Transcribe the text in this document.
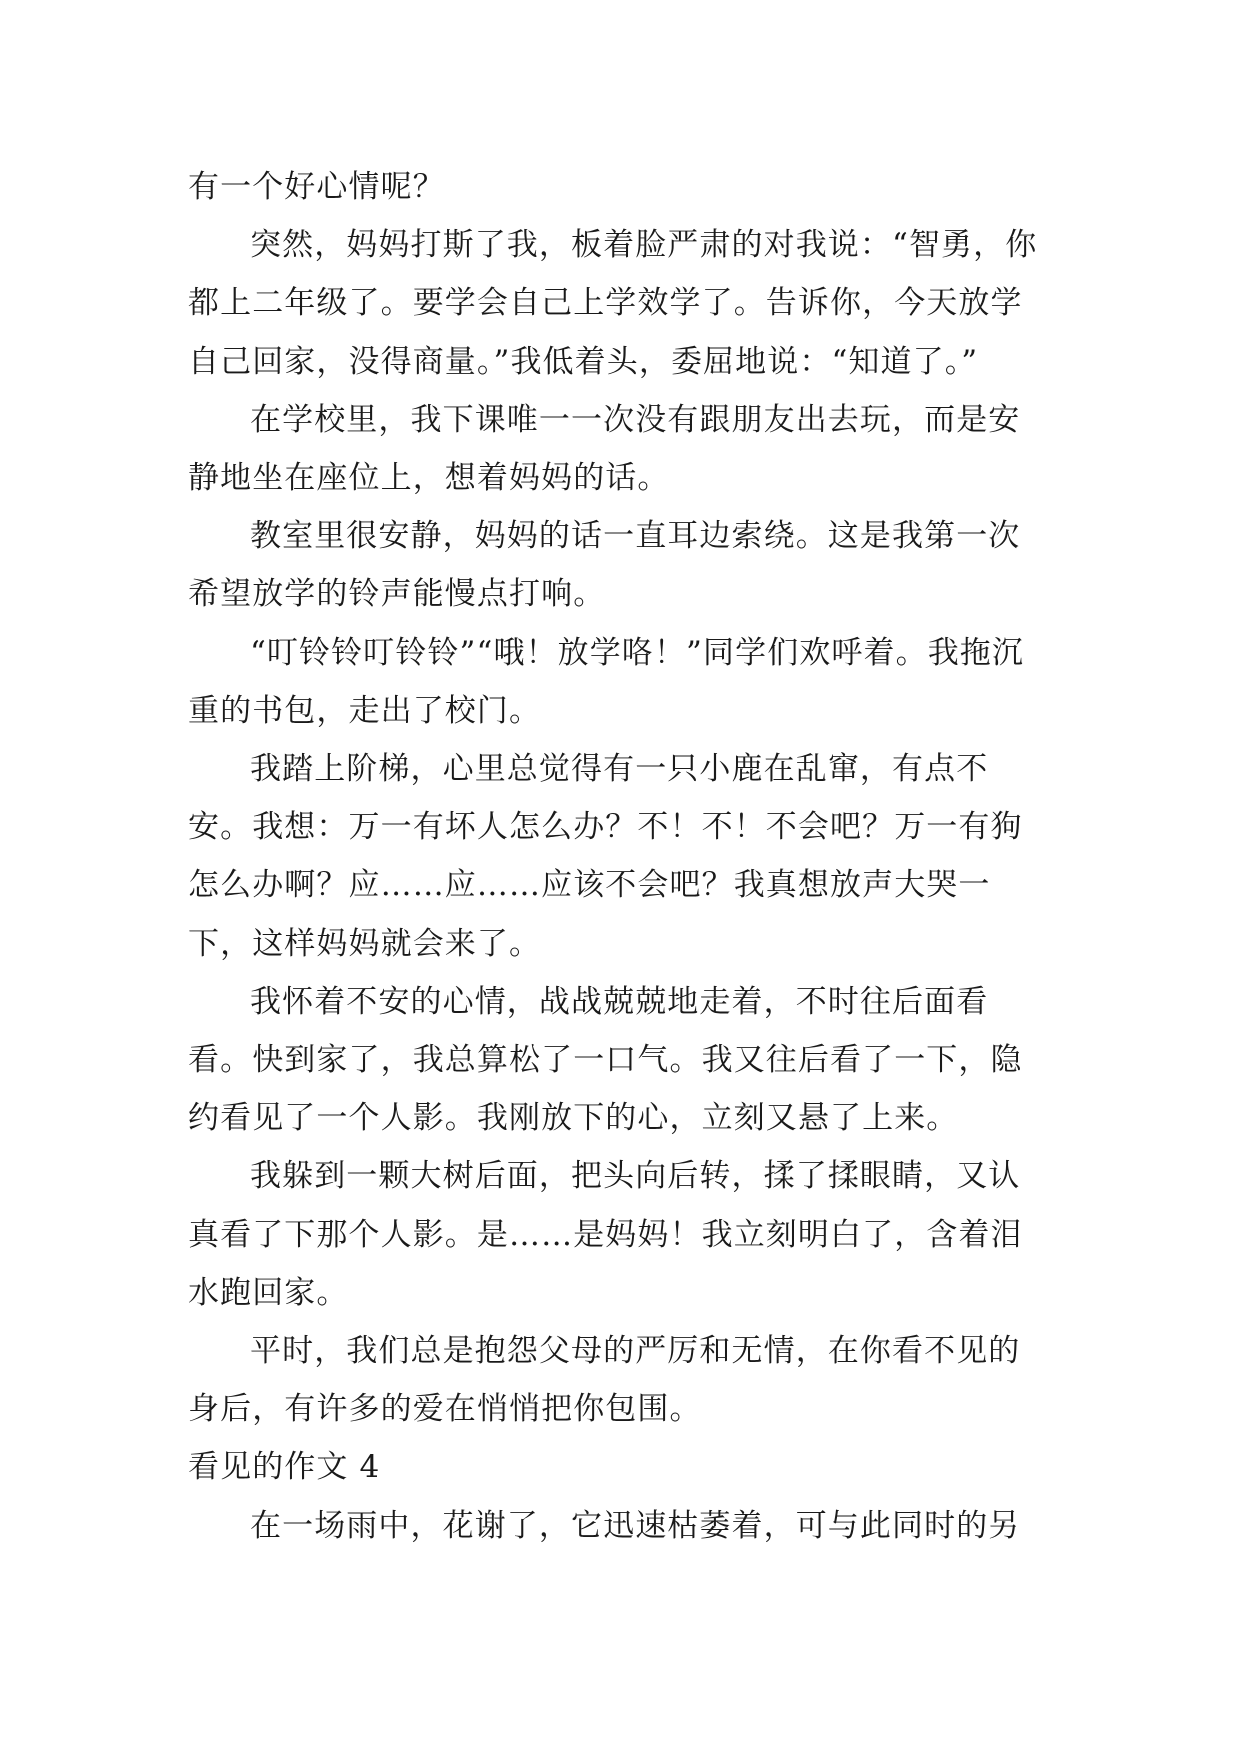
有一个好心情呢？

突然，妈妈打斯了我，板着脸严肃的对我说：“智勇，你都上二年级了。要学会自己上学效学了。告诉你，今天放学自己回家，没得商量。”我低着头，委屈地说：“知道了。”

在学校里，我下课唯一一次没有跟朋友出去玩，而是安静地坐在座位上，想着妈妈的话。

教室里很安静，妈妈的话一直耳边索绕。这是我第一次希望放学的铃声能慢点打响。

“叮铃铃叮铃铃”“哦！放学咯！”同学们欢呼着。我拖沉重的书包，走出了校门。

我踏上阶梯，心里总觉得有一只小鹿在乱窜，有点不安。我想：万一有坏人怎么办？不！不！不会吧？万一有狗怎么办啊？应……应……应该不会吧？我真想放声大哭一下，这样妈妈就会来了。

我怀着不安的心情，战战兢兢地走着，不时往后面看看。快到家了，我总算松了一口气。我又往后看了一下，隐约看见了一个人影。我刚放下的心，立刻又悬了上来。

我躲到一颗大树后面，把头向后转，揉了揉眼睛，又认真看了下那个人影。是……是妈妈！我立刻明白了，含着泪水跑回家。

平时，我们总是抱怨父母的严厉和无情，在你看不见的身后，有许多的爱在悄悄把你包围。

看见的作文 4

在一场雨中，花谢了，它迅速枯萎着，可与此同时的另
